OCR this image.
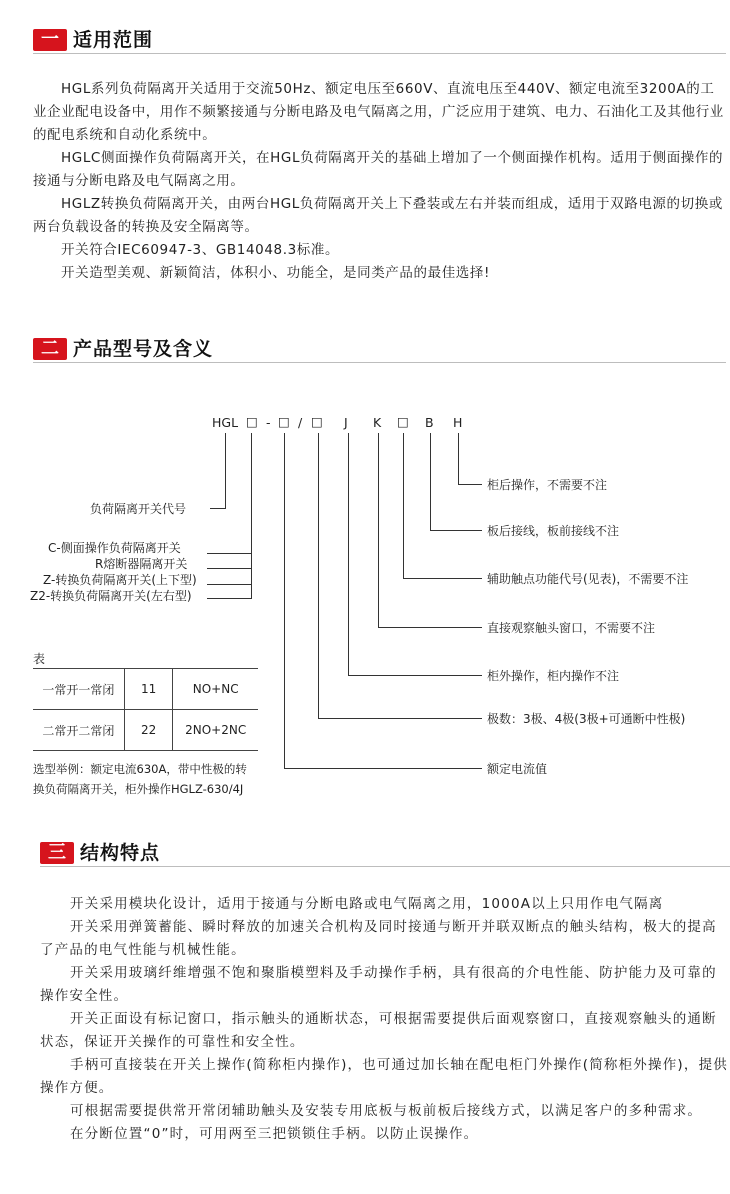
一 适用范围

HGL系列负荷隔离开关适用于交流50Hz、额定电压至660V、直流电压至440V、额定电流至3200A的工业企业配电设备中，用作不频繁接通与分断电路及电气隔离之用，广泛应用于建筑、电力、石油化工及其他行业的配电系统和自动化系统中。

HGLC侧面操作负荷隔离开关，在HGL负荷隔离开关的基础上增加了一个侧面操作机构。适用于侧面操作的接通与分断电路及电气隔离之用。

HGLZ转换负荷隔离开关，由两台HGL负荷隔离开关上下叠装或左右并装而组成，适用于双路电源的切换或两台负载设备的转换及安全隔离等。

开关符合IEC60947-3、GB14048.3标准。

开关造型美观、新颖简洁，体积小、功能全，是同类产品的最佳选择!

二 产品型号及含义
HGL □ - □ / □ J K □ B H
负荷隔离开关代号
C-侧面操作负荷隔离开关
R熔断器隔离开关
Z-转换负荷隔离开关(上下型)
Z2-转换负荷隔离开关(左右型)
柜后操作，不需要不注
板后接线，板前接线不注
辅助触点功能代号(见表)，不需要不注
直接观察触头窗口，不需要不注
柜外操作，柜内操作不注
极数：3极、4极(3极+可通断中性极)
额定电流值
表
一常开一常闭	11	NO+NC
二常开二常闭	22	2NO+2NC
选型举例：额定电流630A，带中性极的转
换负荷隔离开关，柜外操作HGLZ-630/4J
三 结构特点

开关采用模块化设计，适用于接通与分断电路或电气隔离之用，1000A以上只用作电气隔离

开关采用弹簧蓄能、瞬时释放的加速关合机构及同时接通与断开并联双断点的触头结构，极大的提高了产品的电气性能与机械性能。

开关采用玻璃纤维增强不饱和聚脂模塑料及手动操作手柄，具有很高的介电性能、防护能力及可靠的操作安全性。

开关正面设有标记窗口，指示触头的通断状态，可根据需要提供后面观察窗口，直接观察触头的通断状态，保证开关操作的可靠性和安全性。

手柄可直接装在开关上操作(简称柜内操作)，也可通过加长轴在配电柜门外操作(简称柜外操作)，提供操作方便。

可根据需要提供常开常闭辅助触头及安装专用底板与板前板后接线方式，以满足客户的多种需求。

在分断位置“0”时，可用两至三把锁锁住手柄。以防止误操作。
